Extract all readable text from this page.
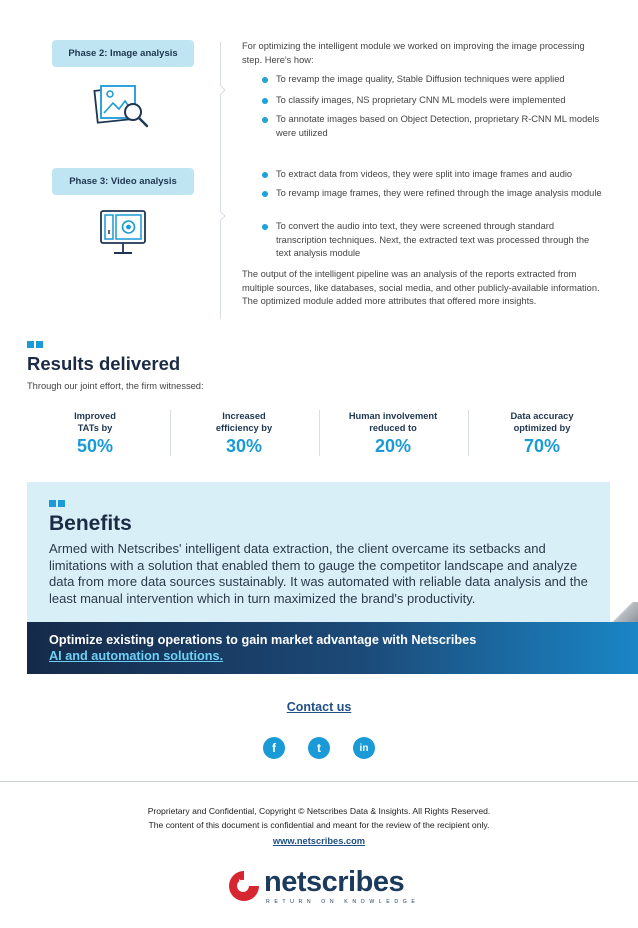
Phase 2: Image analysis
For optimizing the intelligent module we worked on improving the image processing step. Here's how:
To revamp the image quality, Stable Diffusion techniques were applied
To classify images, NS proprietary CNN ML models were implemented
To annotate images based on Object Detection, proprietary R-CNN ML models were utilized
Phase 3: Video analysis
To extract data from videos, they were split into image frames and audio
To revamp image frames, they were refined through the image analysis module
To convert the audio into text, they were screened through standard transcription techniques. Next, the extracted text was processed through the text analysis module
The output of the intelligent pipeline was an analysis of the reports extracted from multiple sources, like databases, social media, and other publicly-available information. The optimized module added more attributes that offered more insights.
Results delivered
Through our joint effort, the firm witnessed:
Improved
TATs by
50%
Increased
efficiency by
30%
Human involvement
reduced to
20%
Data accuracy
optimized by
70%
Benefits
Armed with Netscribes' intelligent data extraction, the client overcame its setbacks and limitations with a solution that enabled them to gauge the competitor landscape and analyze data from more data sources sustainably. It was automated with reliable data analysis and the least manual intervention which in turn maximized the brand's productivity.
Optimize existing operations to gain market advantage with Netscribes
AI and automation solutions.
Contact us
f	t	in
Proprietary and Confidential, Copyright © Netscribes Data & Insights. All Rights Reserved.
The content of this document is confidential and meant for the review of the recipient only.
www.netscribes.com
netscribes
RETURN ON KNOWLEDGE
